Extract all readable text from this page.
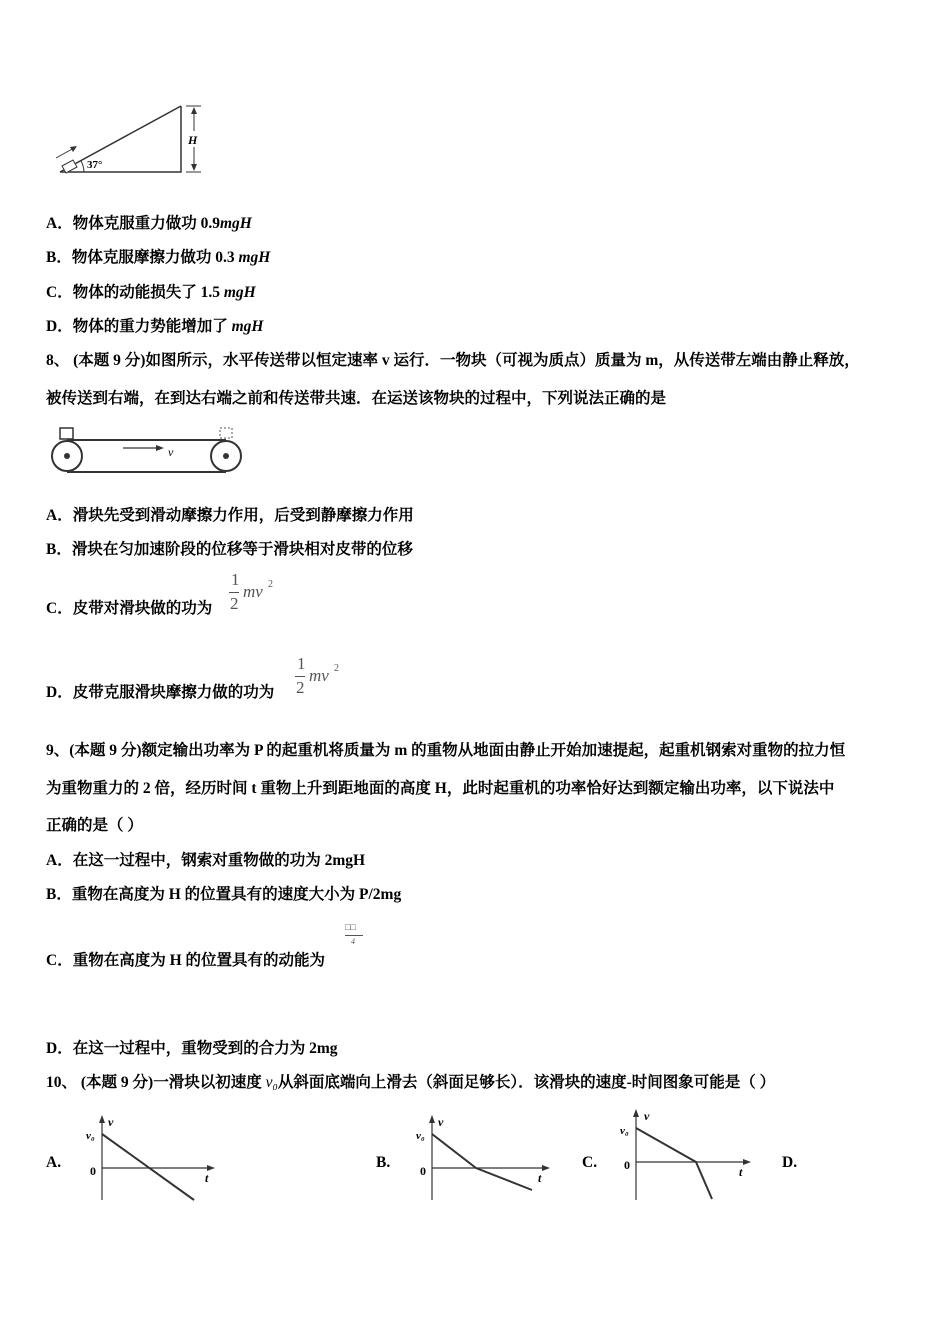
H
37°
A．物体克服重力做功 0.9mgH
B．物体克服摩擦力做功 0.3 mgH
C．物体的动能损失了 1.5 mgH
D．物体的重力势能增加了 mgH
8、 (本题 9 分)如图所示，水平传送带以恒定速率 v 运行．一物块（可视为质点）质量为 m，从传送带左端由静止释放，
被传送到右端，在到达右端之前和传送带共速．在运送该物块的过程中，下列说法正确的是
v
A．滑块先受到滑动摩擦力作用，后受到静摩擦力作用
B．滑块在匀加速阶段的位移等于滑块相对皮带的位移
C．皮带对滑块做的功为
1
2
mv 2
D．皮带克服滑块摩擦力做的功为
1
2
mv 2
9、(本题 9 分)额定输出功率为 P 的起重机将质量为 m 的重物从地面由静止开始加速提起，起重机钢索对重物的拉力恒
为重物重力的 2 倍，经历时间 t 重物上升到距地面的高度 H，此时起重机的功率恰好达到额定输出功率，以下说法中
正确的是（ ）
A．在这一过程中，钢索对重物做的功为 2mgH
B．重物在高度为 H 的位置具有的速度大小为 P/2mg
C．重物在高度为 H 的位置具有的动能为
□□
4
D．在这一过程中，重物受到的合力为 2mg
10、 (本题 9 分)一滑块以初速度 v₀从斜面底端向上滑去（斜面足够长）．该滑块的速度-时间图象可能是（ ）
A.
v
v₀
0	t
B.
v
v₀
0	t
C.
v
v₀
0	t
D.
